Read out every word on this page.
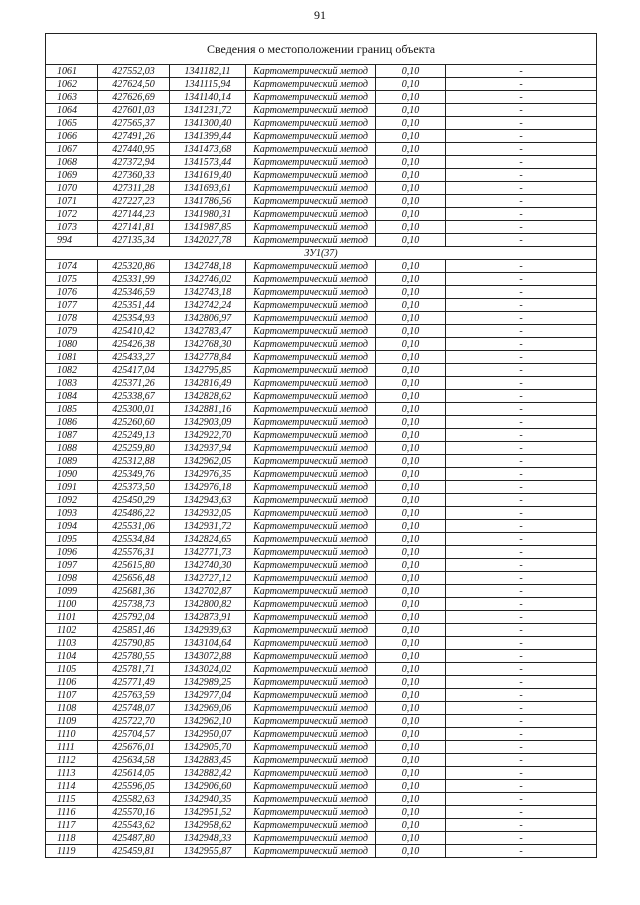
91
Сведения о местоположении границ объекта					
1061	427552,03	1341182,11	Картометрический метод	0,10	-
1062	427624,50	1341115,94	Картометрический метод	0,10	-
1063	427626,69	1341140,14	Картометрический метод	0,10	-
1064	427601,03	1341231,72	Картометрический метод	0,10	-
1065	427565,37	1341300,40	Картометрический метод	0,10	-
1066	427491,26	1341399,44	Картометрический метод	0,10	-
1067	427440,95	1341473,68	Картометрический метод	0,10	-
1068	427372,94	1341573,44	Картометрический метод	0,10	-
1069	427360,33	1341619,40	Картометрический метод	0,10	-
1070	427311,28	1341693,61	Картометрический метод	0,10	-
1071	427227,23	1341786,56	Картометрический метод	0,10	-
1072	427144,23	1341980,31	Картометрический метод	0,10	-
1073	427141,81	1341987,85	Картометрический метод	0,10	-
994	427135,34	1342027,78	Картометрический метод	0,10	-
ЗУ1(37)					
1074	425320,86	1342748,18	Картометрический метод	0,10	-
1075	425331,99	1342746,02	Картометрический метод	0,10	-
1076	425346,59	1342743,18	Картометрический метод	0,10	-
1077	425351,44	1342742,24	Картометрический метод	0,10	-
1078	425354,93	1342806,97	Картометрический метод	0,10	-
1079	425410,42	1342783,47	Картометрический метод	0,10	-
1080	425426,38	1342768,30	Картометрический метод	0,10	-
1081	425433,27	1342778,84	Картометрический метод	0,10	-
1082	425417,04	1342795,85	Картометрический метод	0,10	-
1083	425371,26	1342816,49	Картометрический метод	0,10	-
1084	425338,67	1342828,62	Картометрический метод	0,10	-
1085	425300,01	1342881,16	Картометрический метод	0,10	-
1086	425260,60	1342903,09	Картометрический метод	0,10	-
1087	425249,13	1342922,70	Картометрический метод	0,10	-
1088	425259,80	1342937,94	Картометрический метод	0,10	-
1089	425312,88	1342962,05	Картометрический метод	0,10	-
1090	425349,76	1342976,35	Картометрический метод	0,10	-
1091	425373,50	1342976,18	Картометрический метод	0,10	-
1092	425450,29	1342943,63	Картометрический метод	0,10	-
1093	425486,22	1342932,05	Картометрический метод	0,10	-
1094	425531,06	1342931,72	Картометрический метод	0,10	-
1095	425534,84	1342824,65	Картометрический метод	0,10	-
1096	425576,31	1342771,73	Картометрический метод	0,10	-
1097	425615,80	1342740,30	Картометрический метод	0,10	-
1098	425656,48	1342727,12	Картометрический метод	0,10	-
1099	425681,36	1342702,87	Картометрический метод	0,10	-
1100	425738,73	1342800,82	Картометрический метод	0,10	-
1101	425792,04	1342873,91	Картометрический метод	0,10	-
1102	425851,46	1342939,63	Картометрический метод	0,10	-
1103	425790,85	1343104,64	Картометрический метод	0,10	-
1104	425780,55	1343072,88	Картометрический метод	0,10	-
1105	425781,71	1343024,02	Картометрический метод	0,10	-
1106	425771,49	1342989,25	Картометрический метод	0,10	-
1107	425763,59	1342977,04	Картометрический метод	0,10	-
1108	425748,07	1342969,06	Картометрический метод	0,10	-
1109	425722,70	1342962,10	Картометрический метод	0,10	-
1110	425704,57	1342950,07	Картометрический метод	0,10	-
1111	425676,01	1342905,70	Картометрический метод	0,10	-
1112	425634,58	1342883,45	Картометрический метод	0,10	-
1113	425614,05	1342882,42	Картометрический метод	0,10	-
1114	425596,05	1342906,60	Картометрический метод	0,10	-
1115	425582,63	1342940,35	Картометрический метод	0,10	-
1116	425570,16	1342951,52	Картометрический метод	0,10	-
1117	425543,62	1342958,62	Картометрический метод	0,10	-
1118	425487,80	1342948,33	Картометрический метод	0,10	-
1119	425459,81	1342955,87	Картометрический метод	0,10	-
